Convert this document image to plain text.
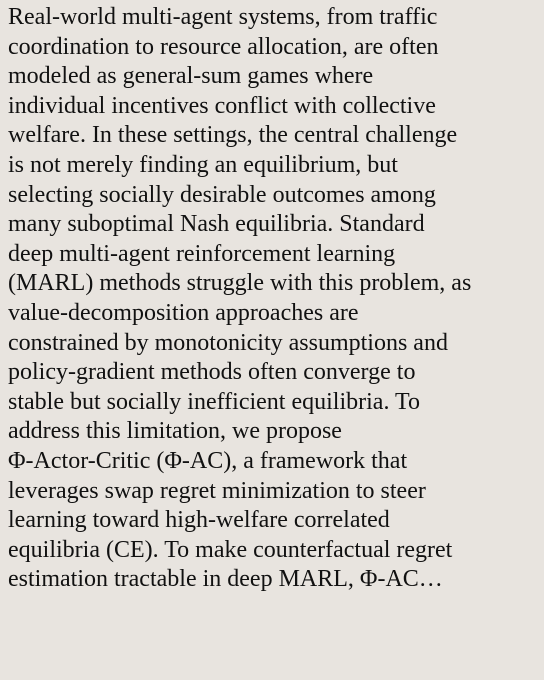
Real-world multi-agent systems, from traffic
coordination to resource allocation, are often
modeled as general-sum games where
individual incentives conflict with collective
welfare. In these settings, the central challenge
is not merely finding an equilibrium, but
selecting socially desirable outcomes among
many suboptimal Nash equilibria. Standard
deep multi-agent reinforcement learning
(MARL) methods struggle with this problem, as
value-decomposition approaches are
constrained by monotonicity assumptions and
policy-gradient methods often converge to
stable but socially inefficient equilibria. To
address this limitation, we propose
Φ-Actor-Critic (Φ-AC), a framework that
leverages swap regret minimization to steer
learning toward high-welfare correlated
equilibria (CE). To make counterfactual regret
estimation tractable in deep MARL, Φ-AC…
